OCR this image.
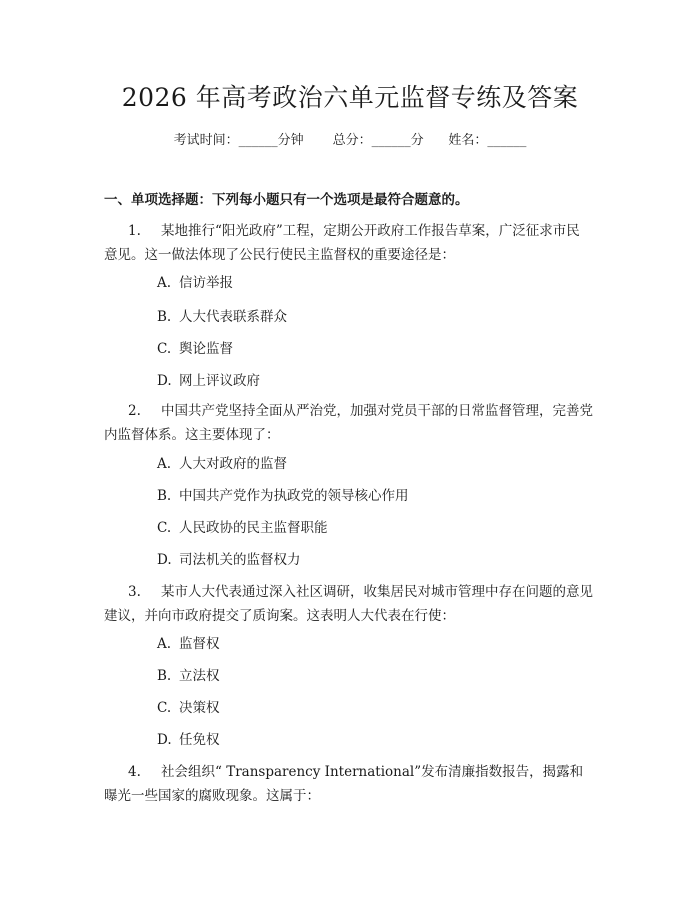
2026 年高考政治六单元监督专练及答案
考试时间：______分钟 总分：______分 姓名：______
一、单项选择题：下列每小题只有一个选项是最符合题意的。
1. 某地推行“阳光政府”工程，定期公开政府工作报告草案，广泛征求市民
意见。这一做法体现了公民行使民主监督权的重要途径是：
A. 信访举报
B. 人大代表联系群众
C. 舆论监督
D. 网上评议政府
2. 中国共产党坚持全面从严治党，加强对党员干部的日常监督管理，完善党
内监督体系。这主要体现了：
A. 人大对政府的监督
B. 中国共产党作为执政党的领导核心作用
C. 人民政协的民主监督职能
D. 司法机关的监督权力
3. 某市人大代表通过深入社区调研，收集居民对城市管理中存在问题的意见
建议，并向市政府提交了质询案。这表明人大代表在行使：
A. 监督权
B. 立法权
C. 决策权
D. 任免权
4. 社会组织“ Transparency International”发布清廉指数报告，揭露和
曝光一些国家的腐败现象。这属于：
